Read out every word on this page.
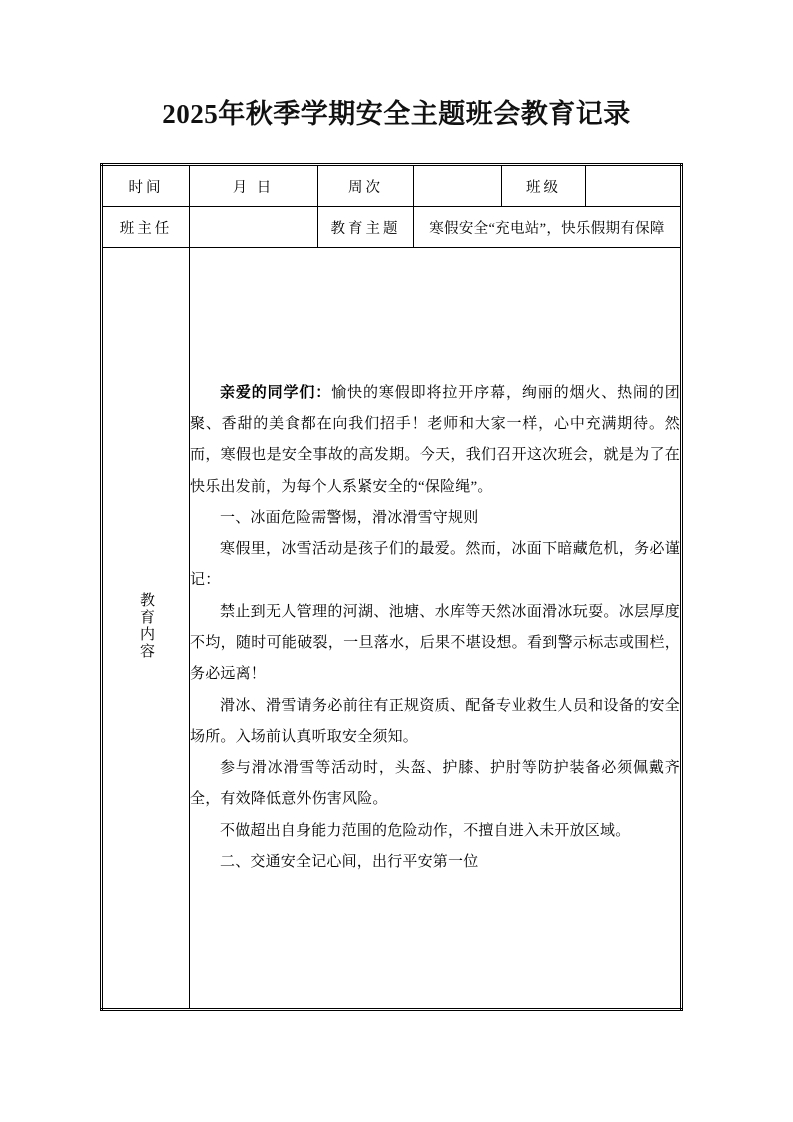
2025年秋季学期安全主题班会教育记录
时间	月 日	周次		班级	
班主任		教育主题	寒假安全“充电站”，快乐假期有保障		
教育内容	

亲爱的同学们：愉快的寒假即将拉开序幕，绚丽的烟火、热闹的团聚、香甜的美食都在向我们招手！老师和大家一样，心中充满期待。然而，寒假也是安全事故的高发期。今天，我们召开这次班会，就是为了在快乐出发前，为每个人系紧安全的“保险绳”。

一、冰面危险需警惕，滑冰滑雪守规则

寒假里，冰雪活动是孩子们的最爱。然而，冰面下暗藏危机，务必谨记：

禁止到无人管理的河湖、池塘、水库等天然冰面滑冰玩耍。冰层厚度不均，随时可能破裂，一旦落水，后果不堪设想。看到警示标志或围栏，务必远离！

滑冰、滑雪请务必前往有正规资质、配备专业救生人员和设备的安全场所。入场前认真听取安全须知。

参与滑冰滑雪等活动时，头盔、护膝、护肘等防护装备必须佩戴齐全，有效降低意外伤害风险。

不做超出自身能力范围的危险动作，不擅自进入未开放区域。

二、交通安全记心间，出行平安第一位
